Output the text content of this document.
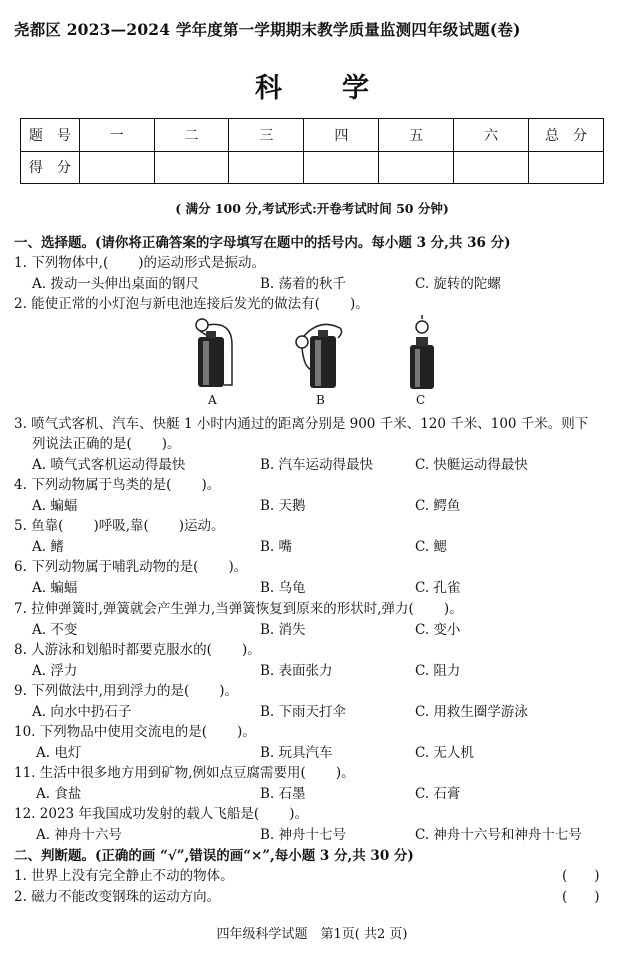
尧都区 2023—2024 学年度第一学期期末教学质量监测四年级试题(卷)
科 学
题　号	一	二	三	四	五	六	总　分
得　分							
( 满分 100 分,考试形式:开卷考试时间 50 分钟)
一、选择题。(请你将正确答案的字母填写在题中的括号内。每小题 3 分,共 36 分)
1. 下列物体中,( )的运动形式是振动。
A. 拨动一头伸出桌面的钢尺	B. 荡着的秋千	C. 旋转的陀螺
2. 能使正常的小灯泡与新电池连接后发光的做法有( )。
A	B	C
3. 喷气式客机、汽车、快艇 1 小时内通过的距离分别是 900 千米、120 千米、100 千米。则下
列说法正确的是( )。
A. 喷气式客机运动得最快	B. 汽车运动得最快	C. 快艇运动得最快
4. 下列动物属于鸟类的是( )。
A. 蝙蝠	B. 天鹅	C. 鳄鱼
5. 鱼靠( )呼吸,靠( )运动。
A. 鳍	B. 嘴	C. 鳃
6. 下列动物属于哺乳动物的是( )。
A. 蝙蝠	B. 乌龟	C. 孔雀
7. 拉伸弹簧时,弹簧就会产生弹力,当弹簧恢复到原来的形状时,弹力( )。
A. 不变	B. 消失	C. 变小
8. 人游泳和划船时都要克服水的( )。
A. 浮力	B. 表面张力	C. 阻力
9. 下列做法中,用到浮力的是( )。
A. 向水中扔石子	B. 下雨天打伞	C. 用救生圈学游泳
10. 下列物品中使用交流电的是( )。
A. 电灯	B. 玩具汽车	C. 无人机
11. 生活中很多地方用到矿物,例如点豆腐需要用( )。
A. 食盐	B. 石墨	C. 石膏
12. 2023 年我国成功发射的载人飞船是( )。
A. 神舟十六号	B. 神舟十七号	C. 神舟十六号和神舟十七号
二、判断题。(正确的画 “√”,错误的画“×”,每小题 3 分,共 30 分)
1. 世界上没有完全静止不动的物体。	(　　)
2. 磁力不能改变钢珠的运动方向。	(　　)
四年级科学试题　第1页( 共2 页)
